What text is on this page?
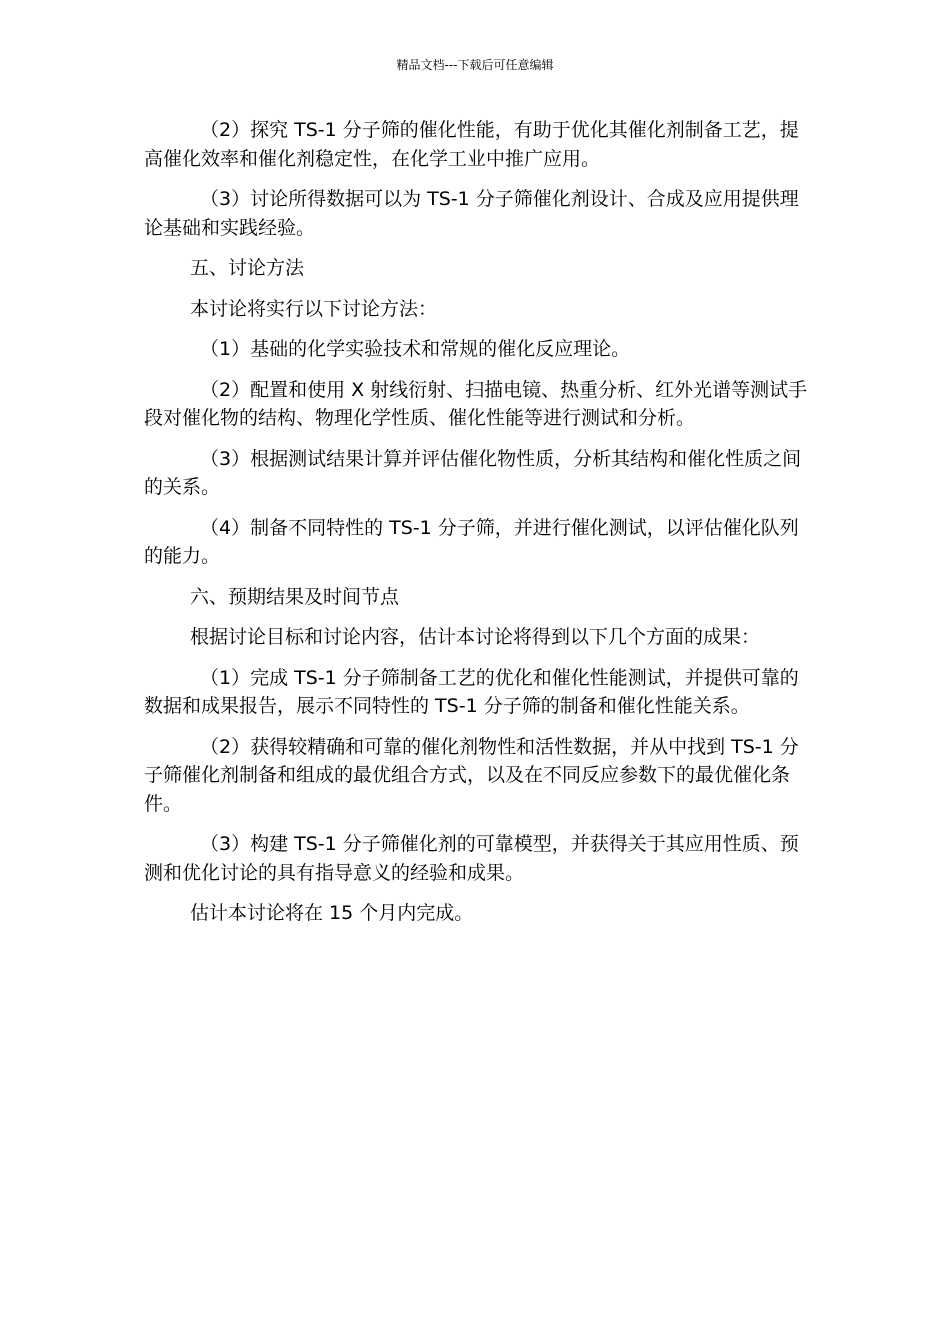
精品文档---下载后可任意编辑

（2）探究 TS-1 分子筛的催化性能，有助于优化其催化剂制备工艺，提高催化效率和催化剂稳定性，在化学工业中推广应用。

（3）讨论所得数据可以为 TS-1 分子筛催化剂设计、合成及应用提供理论基础和实践经验。

五、讨论方法

本讨论将实行以下讨论方法：

（1）基础的化学实验技术和常规的催化反应理论。

（2）配置和使用 X 射线衍射、扫描电镜、热重分析、红外光谱等测试手段对催化物的结构、物理化学性质、催化性能等进行测试和分析。

（3）根据测试结果计算并评估催化物性质，分析其结构和催化性质之间的关系。

（4）制备不同特性的 TS-1 分子筛，并进行催化测试，以评估催化队列的能力。

六、预期结果及时间节点

根据讨论目标和讨论内容，估计本讨论将得到以下几个方面的成果：

（1）完成 TS-1 分子筛制备工艺的优化和催化性能测试，并提供可靠的数据和成果报告，展示不同特性的 TS-1 分子筛的制备和催化性能关系。

（2）获得较精确和可靠的催化剂物性和活性数据，并从中找到 TS-1 分子筛催化剂制备和组成的最优组合方式，以及在不同反应参数下的最优催化条件。

（3）构建 TS-1 分子筛催化剂的可靠模型，并获得关于其应用性质、预测和优化讨论的具有指导意义的经验和成果。

估计本讨论将在 15 个月内完成。
